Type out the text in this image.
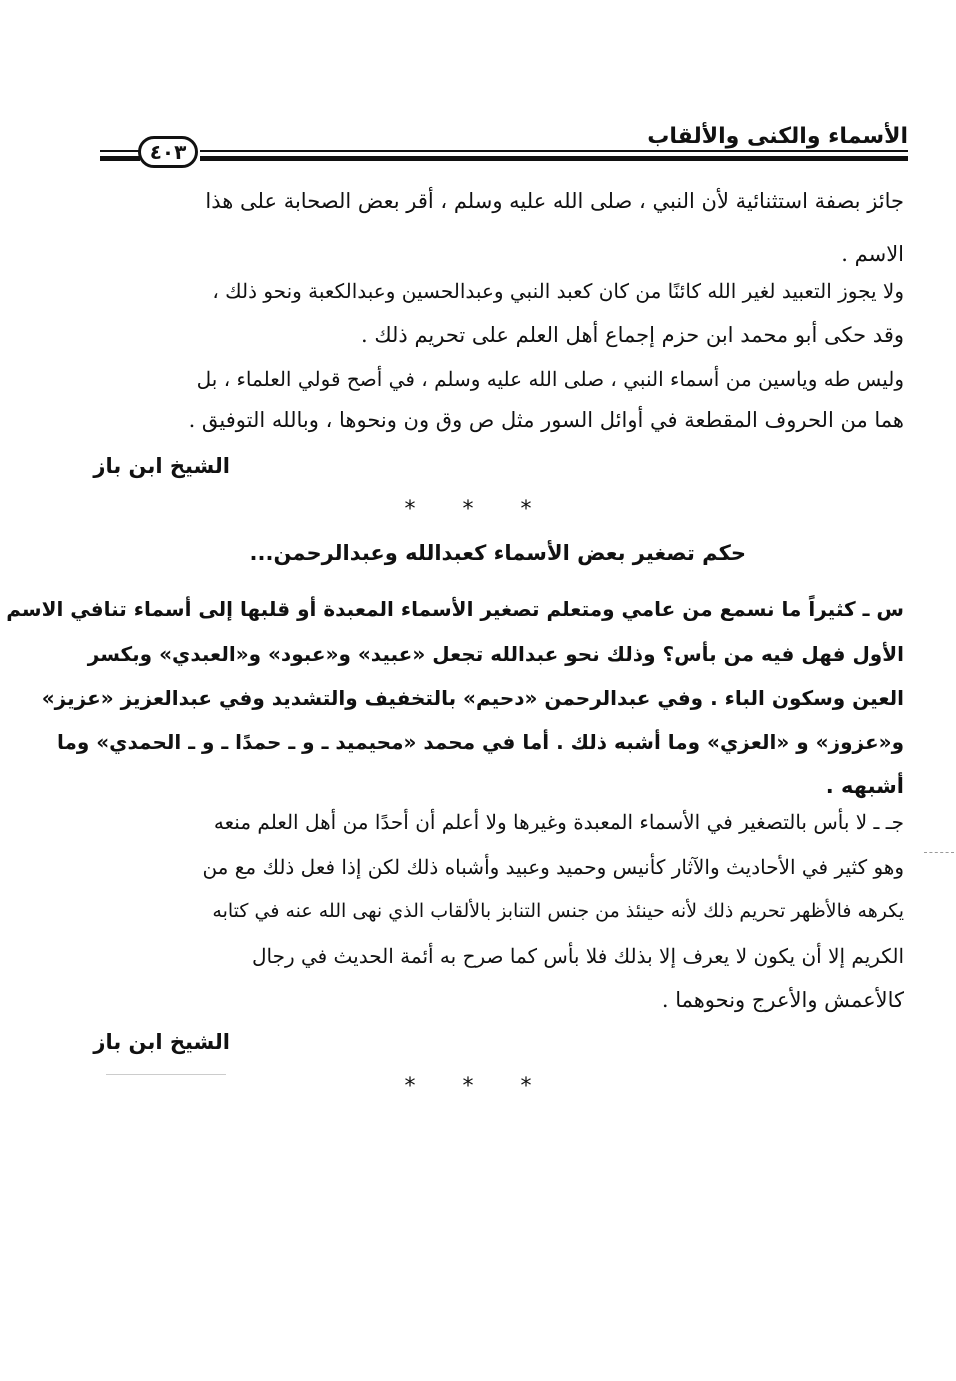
الأسماء والكنى والألقاب
٤٠٣

جائز بصفة استثنائية لأن النبي ، صلى الله عليه وسلم ، أقر بعض الصحابة على هذا

الاسم .

ولا يجوز التعبيد لغير الله كائنًا من كان كعبد النبي وعبدالحسين وعبدالكعبة ونحو ذلك ،

وقد حكى أبو محمد ابن حزم إجماع أهل العلم على تحريم ذلك .

وليس طه وياسين من أسماء النبي ، صلى الله عليه وسلم ، في أصح قولي العلماء ، بل

هما من الحروف المقطعة في أوائل السور مثل ص وق ون ونحوها ، وبالله التوفيق .

الشيخ ابن باز
* * *
حكم تصغير بعض الأسماء كعبدالله وعبدالرحمن...

س ـ كثيراً ما نسمع من عامي ومتعلم تصغير الأسماء المعبدة أو قلبها إلى أسماء تنافي الاسم

الأول فهل فيه من بأس؟ وذلك نحو عبدالله تجعل «عبيد» و«عبود» و«العبدي» وبكسر

العين وسكون الباء . وفي عبدالرحمن «دحيم» بالتخفيف والتشديد وفي عبدالعزيز «عزيز»

و«عزوز» و «العزي» وما أشبه ذلك . أما في محمد «محيميد ـ و ـ حمدًا ـ و ـ الحمدي» وما

أشبهه .

جـ ـ لا بأس بالتصغير في الأسماء المعبدة وغيرها ولا أعلم أن أحدًا من أهل العلم منعه

وهو كثير في الأحاديث والآثار كأنيس وحميد وعبيد وأشباه ذلك لكن إذا فعل ذلك مع من

يكرهه فالأظهر تحريم ذلك لأنه حينئذ من جنس التنابز بالألقاب الذي نهى الله عنه في كتابه

الكريم إلا أن يكون لا يعرف إلا بذلك فلا بأس كما صرح به أئمة الحديث في رجال

كالأعمش والأعرج ونحوهما .

الشيخ ابن باز
* * *
